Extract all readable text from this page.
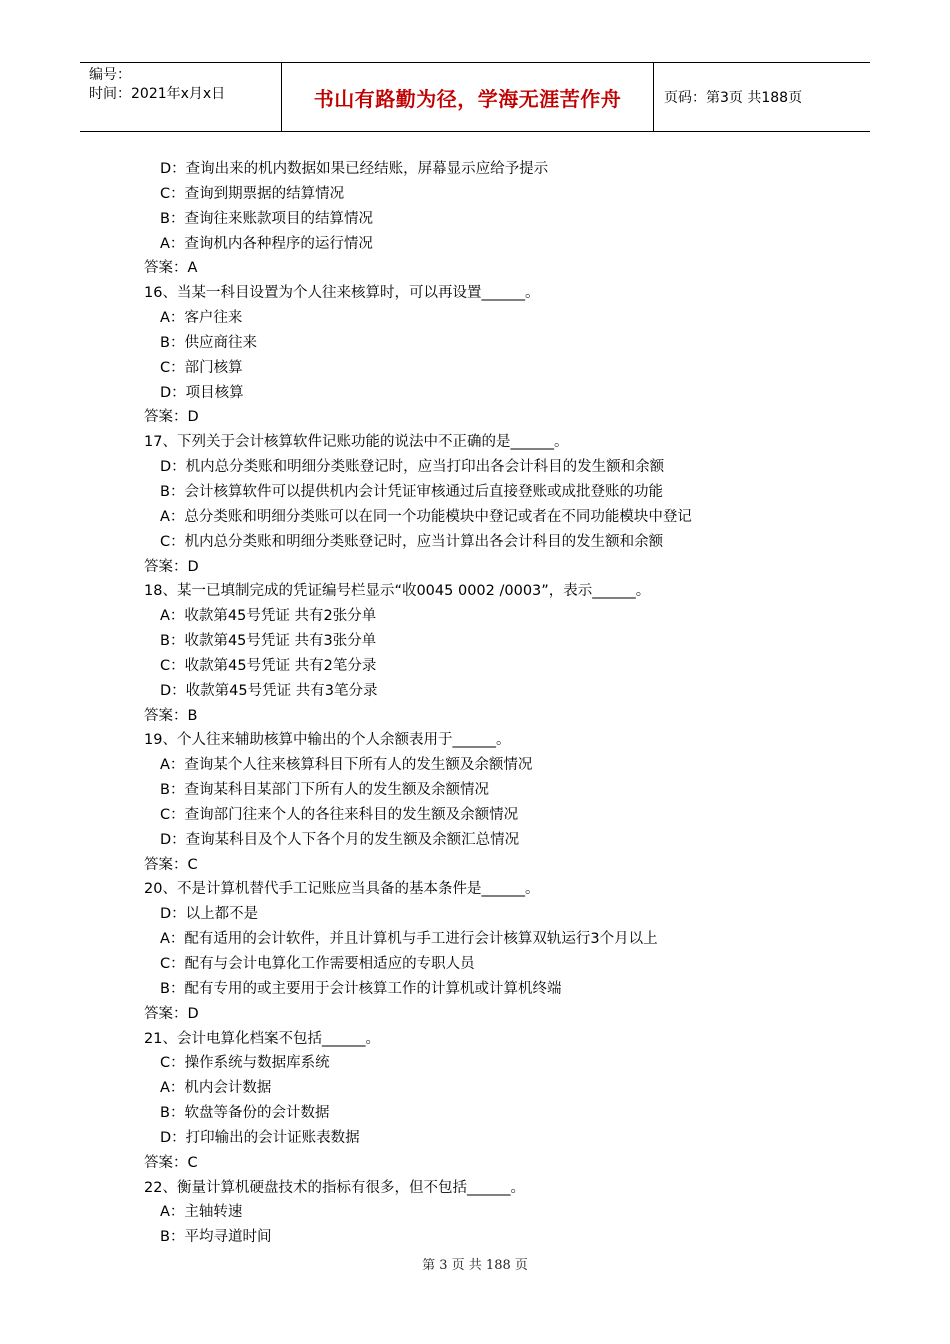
编号：
时间：2021年x月x日	书山有路勤为径，学海无涯苦作舟	页码：第3页 共188页
D：查询出来的机内数据如果已经结账，屏幕显示应给予提示
C：查询到期票据的结算情况
B：查询往来账款项目的结算情况
A：查询机内各种程序的运行情况
答案：A
16、当某一科目设置为个人往来核算时，可以再设置______。
A：客户往来
B：供应商往来
C：部门核算
D：项目核算
答案：D
17、下列关于会计核算软件记账功能的说法中不正确的是______。
D：机内总分类账和明细分类账登记时，应当打印出各会计科目的发生额和余额
B：会计核算软件可以提供机内会计凭证审核通过后直接登账或成批登账的功能
A：总分类账和明细分类账可以在同一个功能模块中登记或者在不同功能模块中登记
C：机内总分类账和明细分类账登记时，应当计算出各会计科目的发生额和余额
答案：D
18、某一已填制完成的凭证编号栏显示“收0045 0002 /0003”，表示______。
A：收款第45号凭证 共有2张分单
B：收款第45号凭证 共有3张分单
C：收款第45号凭证 共有2笔分录
D：收款第45号凭证 共有3笔分录
答案：B
19、个人往来辅助核算中输出的个人余额表用于______。
A：查询某个人往来核算科目下所有人的发生额及余额情况
B：查询某科目某部门下所有人的发生额及余额情况
C：查询部门往来个人的各往来科目的发生额及余额情况
D：查询某科目及个人下各个月的发生额及余额汇总情况
答案：C
20、不是计算机替代手工记账应当具备的基本条件是______。
D：以上都不是
A：配有适用的会计软件，并且计算机与手工进行会计核算双轨运行3个月以上
C：配有与会计电算化工作需要相适应的专职人员
B：配有专用的或主要用于会计核算工作的计算机或计算机终端
答案：D
21、会计电算化档案不包括______。
C：操作系统与数据库系统
A：机内会计数据
B：软盘等备份的会计数据
D：打印输出的会计证账表数据
答案：C
22、衡量计算机硬盘技术的指标有很多，但不包括______。
A：主轴转速
B：平均寻道时间
第 3 页 共 188 页
